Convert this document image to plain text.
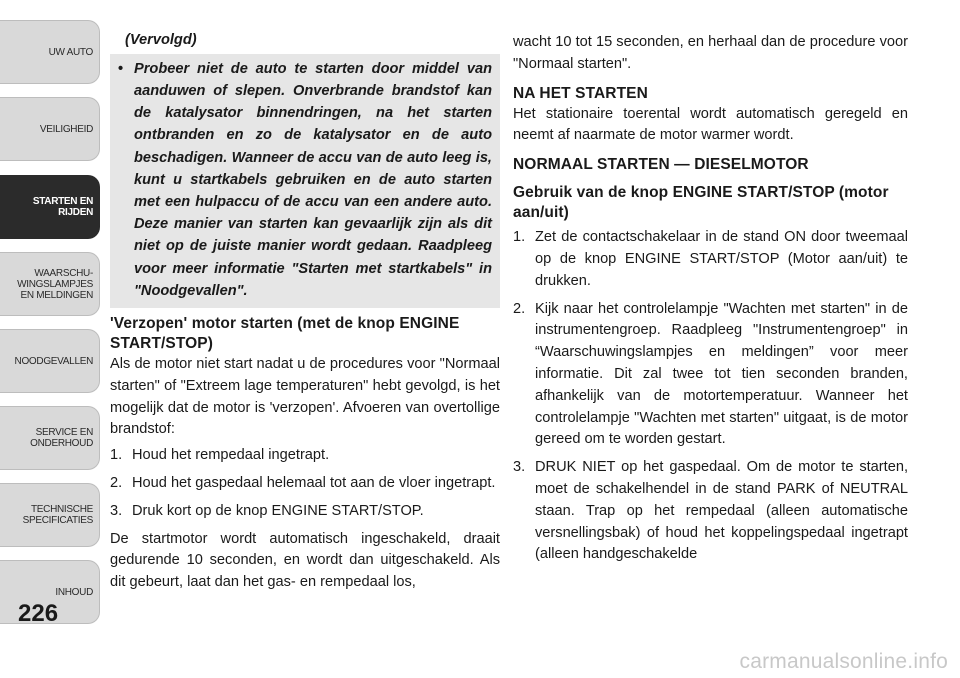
UW AUTO
VEILIGHEID
STARTEN EN
RIJDEN
WAARSCHU-
WINGSLAMPJES
EN MELDINGEN
NOODGEVALLEN
SERVICE EN
ONDERHOUD
TECHNISCHE
SPECIFICATIES
INHOUD
226

(Vervolgd)

• Probeer niet de auto te starten door middel van aanduwen of slepen. Onverbrande brandstof kan de katalysator binnendringen, na het starten ontbranden en zo de katalysator en de auto beschadigen. Wanneer de accu van de auto leeg is, kunt u startkabels gebruiken en de auto starten met een hulpaccu of de accu van een andere auto. Deze manier van starten kan gevaarlijk zijn als dit niet op de juiste manier wordt gedaan. Raadpleeg voor meer informatie "Starten met startkabels" in "Noodgevallen".

'Verzopen' motor starten (met de knop ENGINE START/STOP)

Als de motor niet start nadat u de procedures voor "Normaal starten" of "Extreem lage temperaturen" hebt gevolgd, is het mogelijk dat de motor is 'verzopen'. Afvoeren van overtollige brandstof:

1. Houd het rempedaal ingetrapt.
2. Houd het gaspedaal helemaal tot aan de vloer ingetrapt.
3. Druk kort op de knop ENGINE START/STOP.

De startmotor wordt automatisch ingeschakeld, draait gedurende 10 seconden, en wordt dan uitgeschakeld. Als dit gebeurt, laat dan het gas- en rempedaal los,

wacht 10 tot 15 seconden, en herhaal dan de procedure voor "Normaal starten".

NA HET STARTEN

Het stationaire toerental wordt automatisch geregeld en neemt af naarmate de motor warmer wordt.

NORMAAL STARTEN — DIESELMOTOR
Gebruik van de knop ENGINE START/STOP (motor aan/uit)
1. Zet de contactschakelaar in de stand ON door tweemaal op de knop ENGINE START/STOP (Motor aan/uit) te drukken.
2. Kijk naar het controlelampje "Wachten met starten" in de instrumentengroep. Raadpleeg "Instrumentengroep" in “Waarschuwingslampjes en meldingen” voor meer informatie. Dit zal twee tot tien seconden branden, afhankelijk van de motortemperatuur. Wanneer het controlelampje "Wachten met starten" uitgaat, is de motor gereed om te worden gestart.
3. DRUK NIET op het gaspedaal. Om de motor te starten, moet de schakelhendel in de stand PARK of NEUTRAL staan. Trap op het rempedaal (alleen automatische versnellingsbak) of houd het koppelingspedaal ingetrapt (alleen handgeschakelde
carmanualsonline.info
